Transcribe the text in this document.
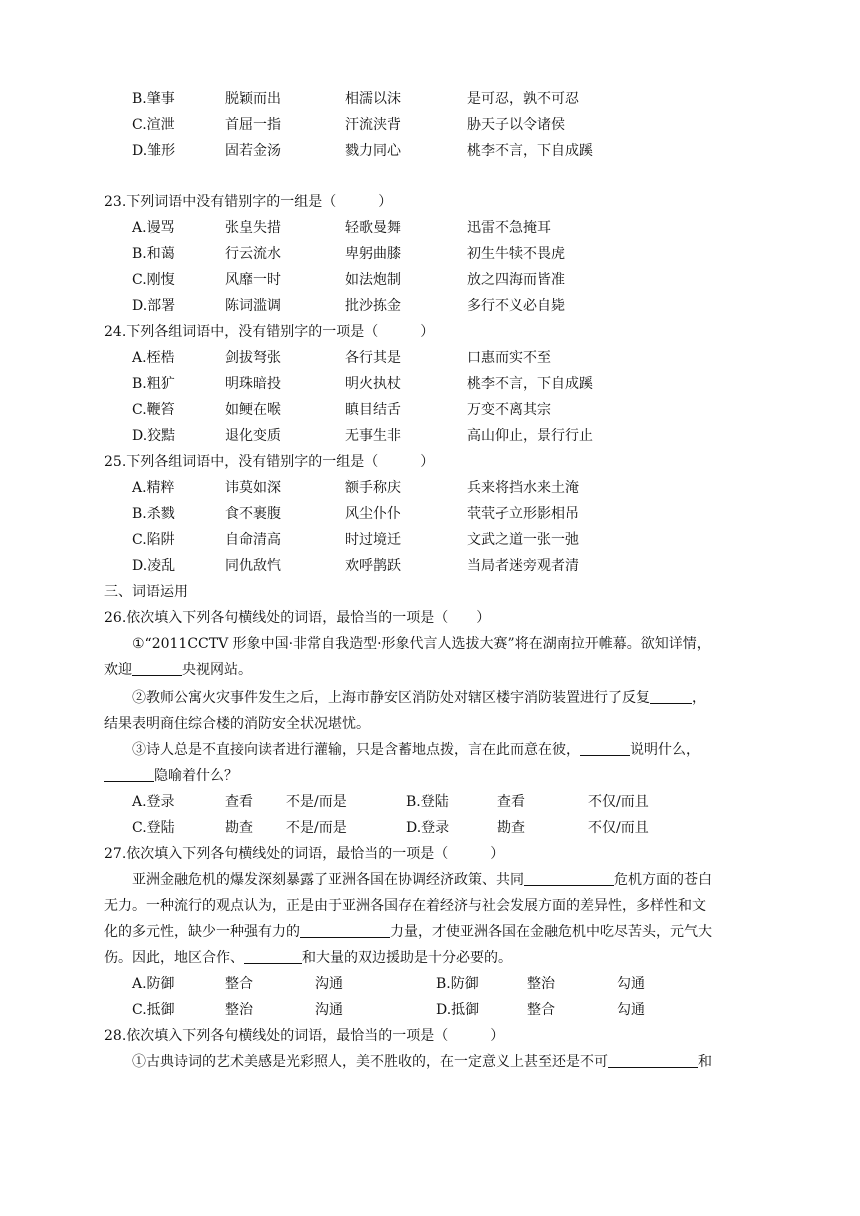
B.肇事	脱颖而出	相濡以沫	是可忍，孰不可忍
C.渲泄	首屈一指	汗流浃背	胁天子以令诸侯
D.雏形	固若金汤	戮力同心	桃李不言，下自成蹊
23.下列词语中没有错别字的一组是（　　　）
A.谩骂	张皇失措	轻歌曼舞	迅雷不急掩耳
B.和蔼	行云流水	卑躬曲膝	初生牛犊不畏虎
C.刚愎	风靡一时	如法炮制	放之四海而皆准
D.部署	陈词滥调	批沙拣金	多行不义必自毙
24.下列各组词语中，没有错别字的一项是（　　　）
A.桎梏	剑拔弩张	各行其是	口惠而实不至
B.粗犷	明珠暗投	明火执杖	桃李不言，下自成蹊
C.鞭笞	如鲠在喉	瞋目结舌	万变不离其宗
D.狡黠	退化变质	无事生非	高山仰止，景行行止
25.下列各组词语中，没有错别字的一组是（　　　）
A.精粹	讳莫如深	额手称庆	兵来将挡水来土淹
B.杀戮	食不裹腹	风尘仆仆	茕茕孑立形影相吊
C.陷阱	自命清高	时过境迁	文武之道一张一弛
D.凌乱	同仇敌忾	欢呼鹊跃	当局者迷旁观者清
三、词语运用
26.依次填入下列各句横线处的词语，最恰当的一项是（　　）
①“2011CCTV 形象中国·非常自我造型·形象代言人选拔大赛”将在湖南拉开帷幕。欲知详情，
欢迎	央视网站。
②教师公寓火灾事件发生之后，上海市静安区消防处对辖区楼宇消防装置进行了反复	，
结果表明商住综合楼的消防安全状况堪忧。
③诗人总是不直接向读者进行灌输，只是含蓄地点拨，言在此而意在彼，	说明什么，
隐喻着什么？
A.登录	查看 不是/而是	B.登陆	查看	不仅/而且
C.登陆	勘查 不是/而是	D.登录	勘查	不仅/而且
27.依次填入下列各句横线处的词语，最恰当的一项是（　　　）
亚洲金融危机的爆发深刻暴露了亚洲各国在协调经济政策、共同	危机方面的苍白
无力。一种流行的观点认为，正是由于亚洲各国存在着经济与社会发展方面的差异性，多样性和文
化的多元性，缺少一种强有力的	力量，才使亚洲各国在金融危机中吃尽苦头，元气大
伤。因此，地区合作、	和大量的双边援助是十分必要的。
A.防御	整合	沟通	B.防御	整治	勾通
C.抵御	整治	沟通	D.抵御	整合	勾通
28.依次填入下列各句横线处的词语，最恰当的一项是（　　　）
①古典诗词的艺术美感是光彩照人，美不胜收的，在一定意义上甚至还是不可	和
